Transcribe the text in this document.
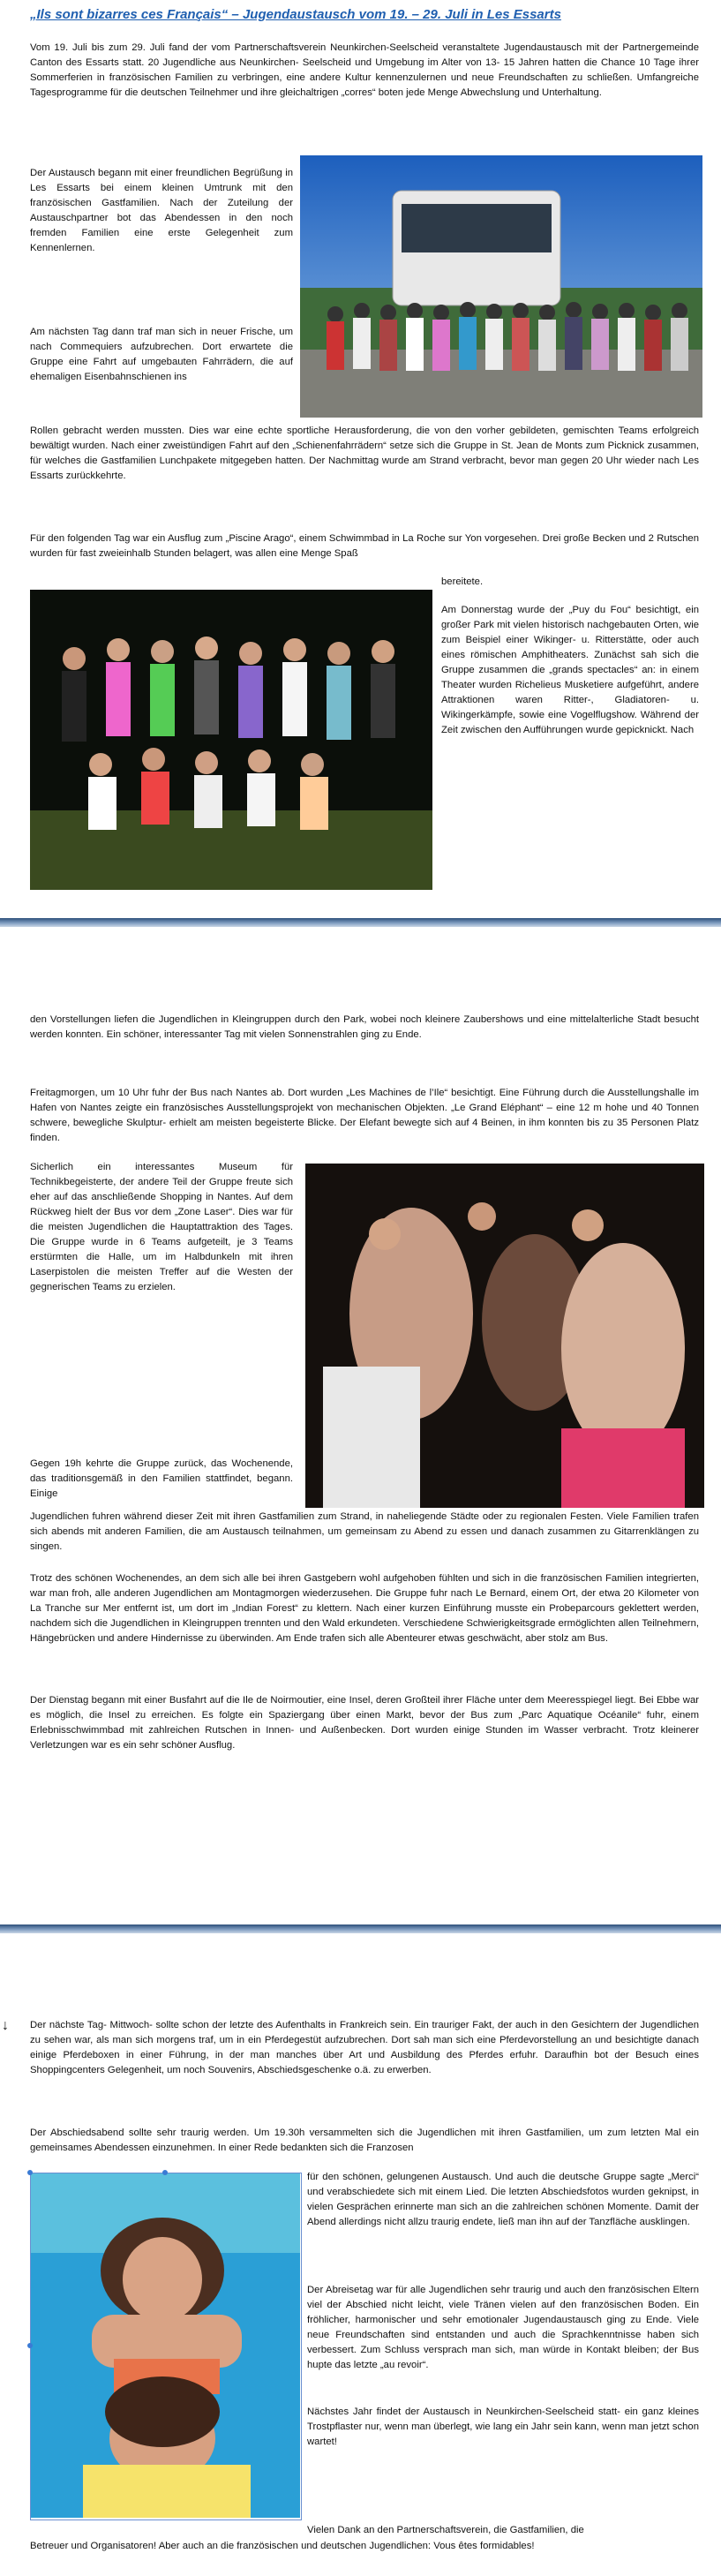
„Ils sont bizarres ces Français“ – Jugendaustausch vom 19. – 29. Juli in Les Essarts

Vom 19. Juli bis zum 29. Juli fand der vom Partnerschaftsverein Neunkirchen-Seelscheid veranstaltete Jugendaustausch mit der Partnergemeinde Canton des Essarts statt. 20 Jugendliche aus Neunkirchen- Seelscheid und Umgebung im Alter von 13- 15 Jahren hatten die Chance 10 Tage ihrer Sommerferien in französischen Familien zu verbringen, eine andere Kultur kennenzulernen und neue Freundschaften zu schließen. Umfangreiche Tagesprogramme für die deutschen Teilnehmer und ihre gleichaltrigen „corres“ boten jede Menge Abwechslung und Unterhaltung.

Der Austausch begann mit einer freundlichen Begrüßung in Les Essarts bei einem kleinen Umtrunk mit den französischen Gastfamilien. Nach der Zuteilung der Austauschpartner bot das Abendessen in den noch fremden Familien eine erste Gelegenheit zum Kennenlernen.

Am nächsten Tag dann traf man sich in neuer Frische, um nach Commequiers aufzubrechen. Dort erwartete die Gruppe eine Fahrt auf umgebauten Fahrrädern, die auf ehemaligen Eisenbahnschienen ins

Rollen gebracht werden mussten. Dies war eine echte sportliche Herausforderung, die von den vorher gebildeten, gemischten Teams erfolgreich bewältigt wurden. Nach einer zweistündigen Fahrt auf den „Schienenfahrrädern“ setze sich die Gruppe in St. Jean de Monts zum Picknick zusammen, für welches die Gastfamilien Lunchpakete mitgegeben hatten. Der Nachmittag wurde am Strand verbracht, bevor man gegen 20 Uhr wieder nach Les Essarts zurückkehrte.

Für den folgenden Tag war ein Ausflug zum „Piscine Arago“, einem Schwimmbad in La Roche sur Yon vorgesehen. Drei große Becken und 2 Rutschen wurden für fast zweieinhalb Stunden belagert, was allen eine Menge Spaß

bereitete.

Am Donnerstag wurde der „Puy du Fou“ besichtigt, ein großer Park mit vielen historisch nachgebauten Orten, wie zum Beispiel einer Wikinger- u. Ritterstätte, oder auch eines römischen Amphitheaters. Zunächst sah sich die Gruppe zusammen die „grands spectacles“ an: in einem Theater wurden Richelieus Musketiere aufgeführt, andere Attraktionen waren Ritter-, Gladiatoren- u. Wikingerkämpfe, sowie eine Vogelflugshow. Während der Zeit zwischen den Aufführungen wurde gepicknickt. Nach

den Vorstellungen liefen die Jugendlichen in Kleingruppen durch den Park, wobei noch kleinere Zaubershows und eine mittelalterliche Stadt besucht werden konnten. Ein schöner, interessanter Tag mit vielen Sonnenstrahlen ging zu Ende.

Freitagmorgen, um 10 Uhr fuhr der Bus nach Nantes ab. Dort wurden „Les Machines de l’Ile“ besichtigt. Eine Führung durch die Ausstellungshalle im Hafen von Nantes zeigte ein französisches Ausstellungsprojekt von mechanischen Objekten. „Le Grand Eléphant“ – eine 12 m hohe und 40 Tonnen schwere, bewegliche Skulptur- erhielt am meisten begeisterte Blicke. Der Elefant bewegte sich auf 4 Beinen, in ihm konnten bis zu 35 Personen Platz finden.

Sicherlich ein interessantes Museum für Technikbegeisterte, der andere Teil der Gruppe freute sich eher auf das anschließende Shopping in Nantes. Auf dem Rückweg hielt der Bus vor dem „Zone Laser“. Dies war für die meisten Jugendlichen die Hauptattraktion des Tages. Die Gruppe wurde in 6 Teams aufgeteilt, je 3 Teams erstürmten die Halle, um im Halbdunkeln mit ihren Laserpistolen die meisten Treffer auf die Westen der gegnerischen Teams zu erzielen.

Gegen 19h kehrte die Gruppe zurück, das Wochenende, das traditionsgemäß in den Familien stattfindet, begann. Einige

Jugendlichen fuhren während dieser Zeit mit ihren Gastfamilien zum Strand, in naheliegende Städte oder zu regionalen Festen. Viele Familien trafen sich abends mit anderen Familien, die am Austausch teilnahmen, um gemeinsam zu Abend zu essen und danach zusammen zu Gitarrenklängen zu singen.

Trotz des schönen Wochenendes, an dem sich alle bei ihren Gastgebern wohl aufgehoben fühlten und sich in die französischen Familien integrierten, war man froh, alle anderen Jugendlichen am Montagmorgen wiederzusehen. Die Gruppe fuhr nach Le Bernard, einem Ort, der etwa 20 Kilometer von La Tranche sur Mer entfernt ist, um dort im „Indian Forest“ zu klettern. Nach einer kurzen Einführung musste ein Probeparcours geklettert werden, nachdem sich die Jugendlichen in Kleingruppen trennten und den Wald erkundeten. Verschiedene Schwierigkeitsgrade ermöglichten allen Teilnehmern, Hängebrücken und andere Hindernisse zu überwinden. Am Ende trafen sich alle Abenteurer etwas geschwächt, aber stolz am Bus.

Der Dienstag begann mit einer Busfahrt auf die Ile de Noirmoutier, eine Insel, deren Großteil ihrer Fläche unter dem Meeresspiegel liegt. Bei Ebbe war es möglich, die Insel zu erreichen. Es folgte ein Spaziergang über einen Markt, bevor der Bus zum „Parc Aquatique Océanile“ fuhr, einem Erlebnisschwimmbad mit zahlreichen Rutschen in Innen- und Außenbecken. Dort wurden einige Stunden im Wasser verbracht. Trotz kleinerer Verletzungen war es ein sehr schöner Ausflug.

↓ Der nächste Tag- Mittwoch- sollte schon der letzte des Aufenthalts in Frankreich sein. Ein trauriger Fakt, der auch in den Gesichtern der Jugendlichen zu sehen war, als man sich morgens traf, um in ein Pferdegestüt aufzubrechen. Dort sah man sich eine Pferdevorstellung an und besichtigte danach einige Pferdeboxen in einer Führung, in der man manches über Art und Ausbildung des Pferdes erfuhr. Daraufhin bot der Besuch eines Shoppingcenters Gelegenheit, um noch Souvenirs, Abschiedsgeschenke o.ä. zu erwerben.

Der Abschiedsabend sollte sehr traurig werden. Um 19.30h versammelten sich die Jugendlichen mit ihren Gastfamilien, um zum letzten Mal ein gemeinsames Abendessen einzunehmen. In einer Rede bedankten sich die Franzosen

für den schönen, gelungenen Austausch. Und auch die deutsche Gruppe sagte „Merci“ und verabschiedete sich mit einem Lied. Die letzten Abschiedsfotos wurden geknipst, in vielen Gesprächen erinnerte man sich an die zahlreichen schönen Momente. Damit der Abend allerdings nicht allzu traurig endete, ließ man ihn auf der Tanzfläche ausklingen.

Der Abreisetag war für alle Jugendlichen sehr traurig und auch den französischen Eltern viel der Abschied nicht leicht, viele Tränen vielen auf den französischen Boden. Ein fröhlicher, harmonischer und sehr emotionaler Jugendaustausch ging zu Ende. Viele neue Freundschaften sind entstanden und auch die Sprachkenntnisse haben sich verbessert. Zum Schluss versprach man sich, man würde in Kontakt bleiben; der Bus hupte das letzte „au revoir“.

Nächstes Jahr findet der Austausch in Neunkirchen-Seelscheid statt- ein ganz kleines Trostpflaster nur, wenn man überlegt, wie lang ein Jahr sein kann, wenn man jetzt schon wartet!

Vielen Dank an den Partnerschaftsverein, die Gastfamilien, die

Betreuer und Organisatoren! Aber auch an die französischen und deutschen Jugendlichen: Vous êtes formidables!
